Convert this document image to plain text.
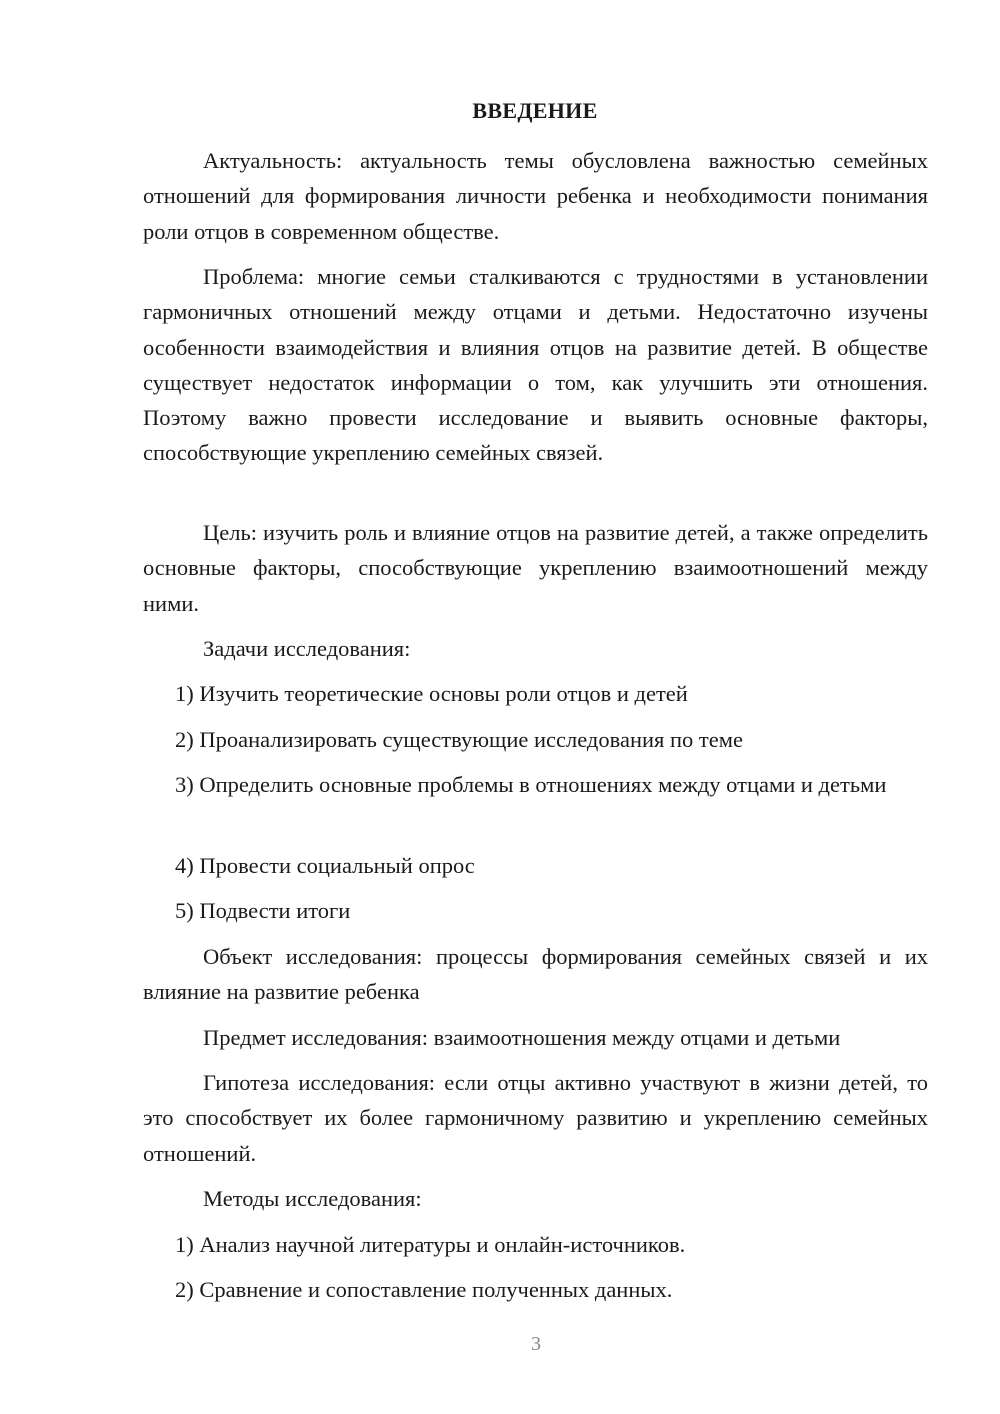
ВВЕДЕНИЕ
Актуальность: актуальность темы обусловлена важностью семейных отношений для формирования личности ребенка и необходимости понимания роли отцов в современном обществе.
Проблема: многие семьи сталкиваются с трудностями в установлении гармоничных отношений между отцами и детьми. Недостаточно изучены особенности взаимодействия и влияния отцов на развитие детей. В обществе существует недостаток информации о том, как улучшить эти отношения. Поэтому важно провести исследование и выявить основные факторы, способствующие укреплению семейных связей.
Цель: изучить роль и влияние отцов на развитие детей, а также определить основные факторы, способствующие укреплению взаимоотношений между ними.
Задачи исследования:
1) Изучить теоретические основы роли отцов и детей
2) Проанализировать существующие исследования по теме
3) Определить основные проблемы в отношениях между отцами и детьми
4) Провести социальный опрос
5) Подвести итоги
Объект исследования: процессы формирования семейных связей и их влияние на развитие ребенка
Предмет исследования: взаимоотношения между отцами и детьми
Гипотеза исследования: если отцы активно участвуют в жизни детей, то это способствует их более гармоничному развитию и укреплению семейных отношений.
Методы исследования:
1) Анализ научной литературы и онлайн-источников.
2) Сравнение и сопоставление полученных данных.
3
